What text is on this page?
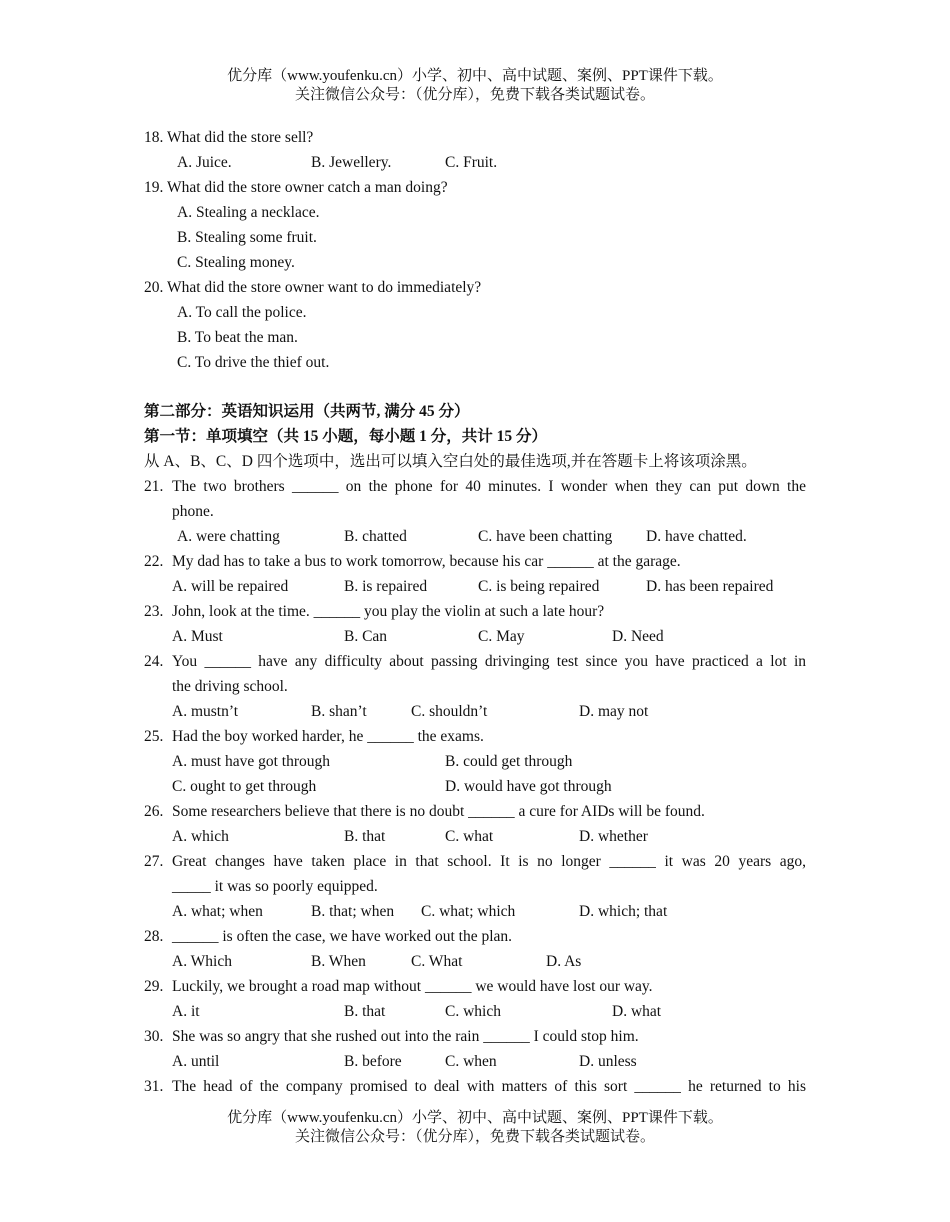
优分库（www.youfenku.cn）小学、初中、高中试题、案例、PPT课件下载。
关注微信公众号：（优分库），免费下载各类试题试卷。
18. What did the store sell?
A. Juice.	B. Jewellery.	C. Fruit.
19. What did the store owner catch a man doing?
A. Stealing a necklace.
B. Stealing some fruit.
C. Stealing money.
20. What did the store owner want to do immediately?
A. To call the police.
B. To beat the man.
C. To drive the thief out.
第二部分：英语知识运用（共两节, 满分 45 分）
第一节：单项填空（共 15 小题，每小题 1 分，共计 15 分）
从 A、B、C、D 四个选项中，选出可以填入空白处的最佳选项,并在答题卡上将该项涂黑。
21. The two brothers ______ on the phone for 40 minutes. I wonder when they can put down the
phone.
A. were chatting	B. chatted	C. have been chatting D. have chatted.
22. My dad has to take a bus to work tomorrow, because his car ______ at the garage.
A. will be repaired	B. is repaired	C. is being repaired	D. has been repaired
23. John, look at the time. ______ you play the violin at such a late hour?
A. Must	B. Can	C. May	D. Need
24. You ______ have any difficulty about passing drivinging test since you have practiced a lot in
the driving school.
A. mustn’t	B. shan’t	C. shouldn’t	D. may not
25. Had the boy worked harder, he ______ the exams.
A. must have got through	B. could get through
C. ought to get through	D. would have got through
26. Some researchers believe that there is no doubt ______ a cure for AIDs will be found.
A. which	B. that	C. what	D. whether
27. Great changes have taken place in that school. It is no longer ______ it was 20 years ago,
_____ it was so poorly equipped.
A. what; when	B. that; when C. what; which	D. which; that
28. ______ is often the case, we have worked out the plan.
A. Which	B. When	C. What	D. As
29. Luckily, we brought a road map without ______ we would have lost our way.
A. it	B. that	C. which	D. what
30. She was so angry that she rushed out into the rain ______ I could stop him.
A. until	B. before	C. when	D. unless
31. The head of the company promised to deal with matters of this sort ______ he returned to his
优分库（www.youfenku.cn）小学、初中、高中试题、案例、PPT课件下载。
关注微信公众号：（优分库），免费下载各类试题试卷。
